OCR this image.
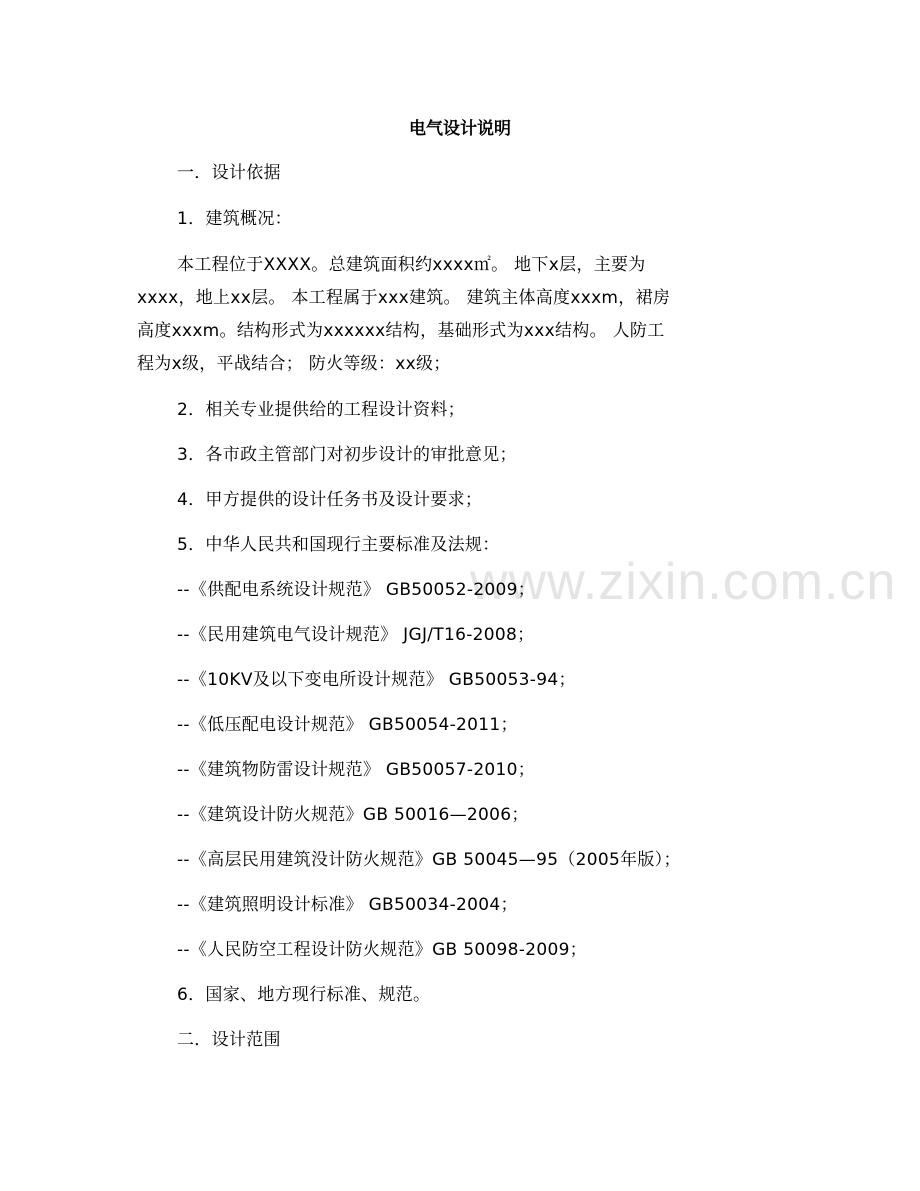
www.zixin.com.cn
电气设计说明
一．设计依据
1．建筑概况：
本工程位于XXXX。总建筑面积约xxxx㎡。 地下x层，主要为
xxxx，地上xx层。 本工程属于xxx建筑。 建筑主体高度xxxm，裙房
高度xxxm。结构形式为xxxxxx结构，基础形式为xxx结构。 人防工
程为x级，平战结合； 防火等级：xx级；
2．相关专业提供给的工程设计资料；
3．各市政主管部门对初步设计的审批意见；
4．甲方提供的设计任务书及设计要求；
5．中华人民共和国现行主要标准及法规：
--《供配电系统设计规范》 GB50052-2009；
--《民用建筑电气设计规范》 JGJ/T16-2008；
--《10KV及以下变电所设计规范》 GB50053-94；
--《低压配电设计规范》 GB50054-2011；
--《建筑物防雷设计规范》 GB50057-2010；
--《建筑设计防火规范》GB 50016—2006；
--《高层民用建筑没计防火规范》GB 50045—95（2005年版）；
--《建筑照明设计标准》 GB50034-2004；
--《人民防空工程设计防火规范》GB 50098-2009；
6．国家、地方现行标准、规范。
二．设计范围
